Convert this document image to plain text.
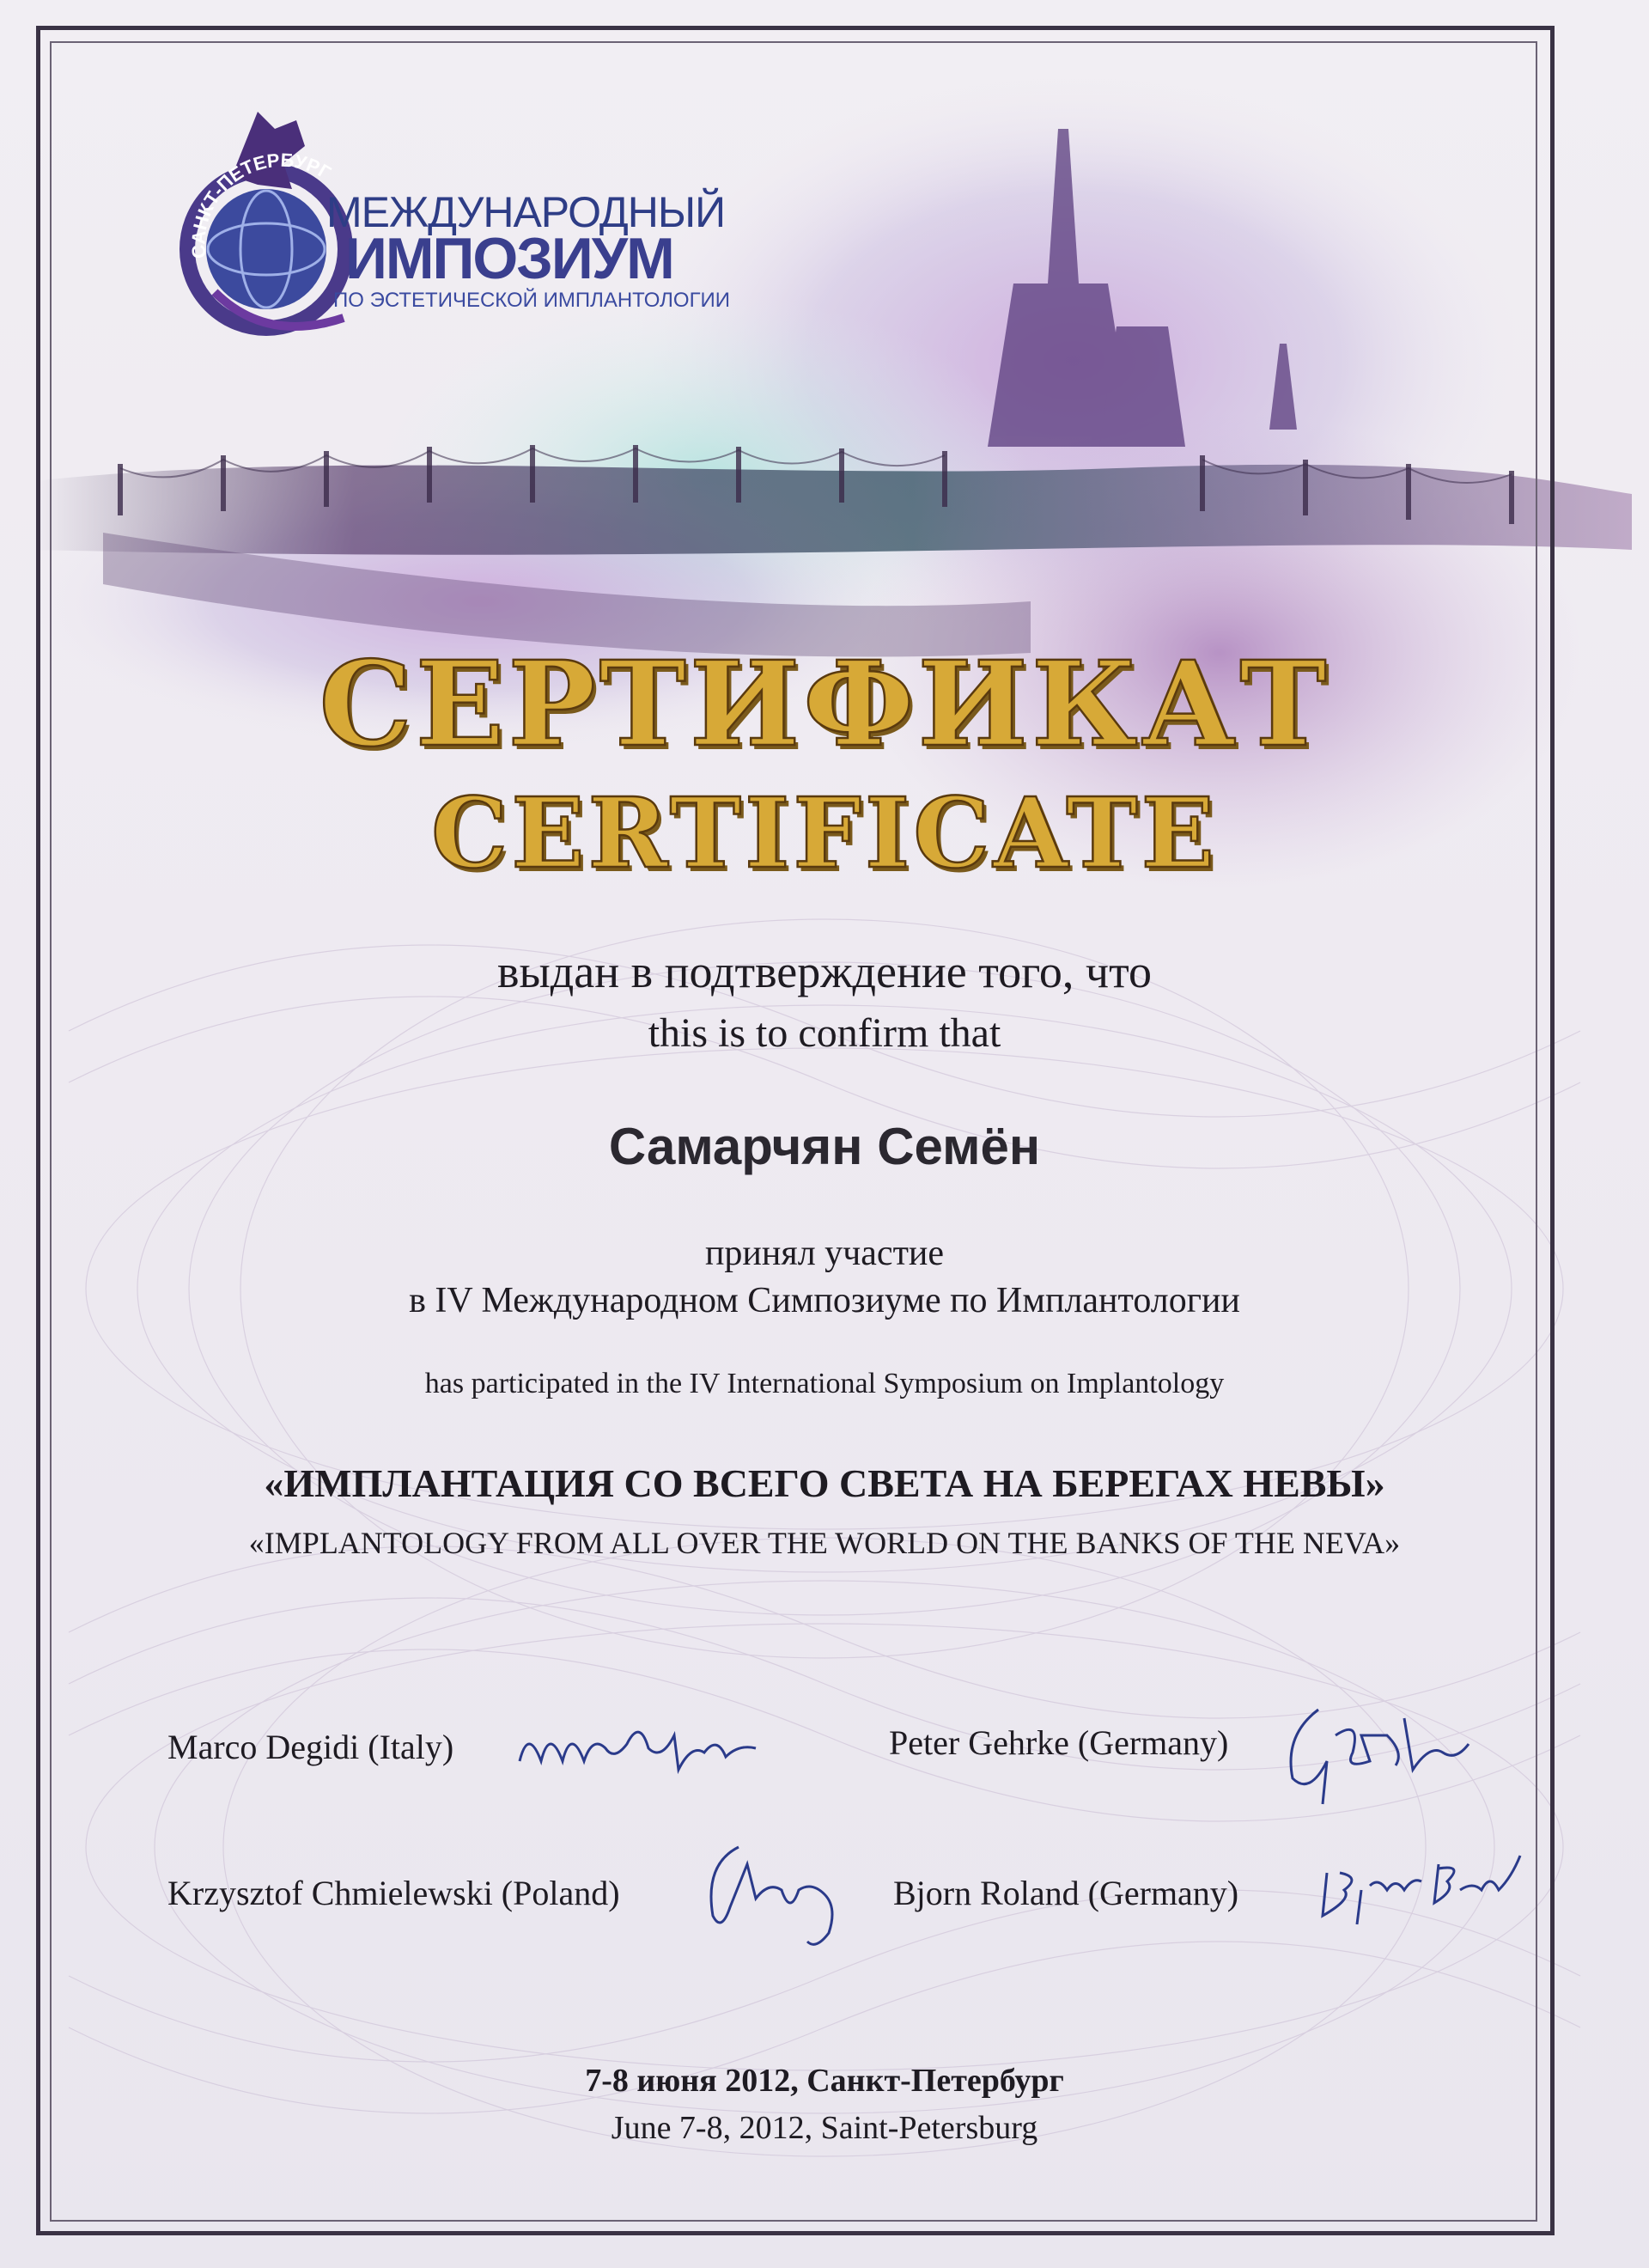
МЕЖДУНАРОДНЫЙ
ИМПОЗИУМ
ПО ЭСТЕТИЧЕСКОЙ ИМПЛАНТОЛОГИИ
СЕРТИФИКАТ
CERTIFICATE
выдан в подтверждение того, что
this is to confirm that
Самарчян Семён
принял участие
в IV Международном Симпозиуме по Имплантологии
has participated in the IV International Symposium on Implantology
«ИМПЛАНТАЦИЯ СО ВСЕГО СВЕТА НА БЕРЕГАХ НЕВЫ»
«IMPLANTOLOGY FROM ALL OVER THE WORLD ON THE BANKS OF THE NEVA»
Marco Degidi (Italy)	Peter Gehrke (Germany)
Krzysztof Chmielewski (Poland)	Bjorn Roland (Germany)
7-8 июня 2012, Санкт-Петербург
June 7-8, 2012, Saint-Petersburg
САНКТ-ПЕТЕРБУРГ
